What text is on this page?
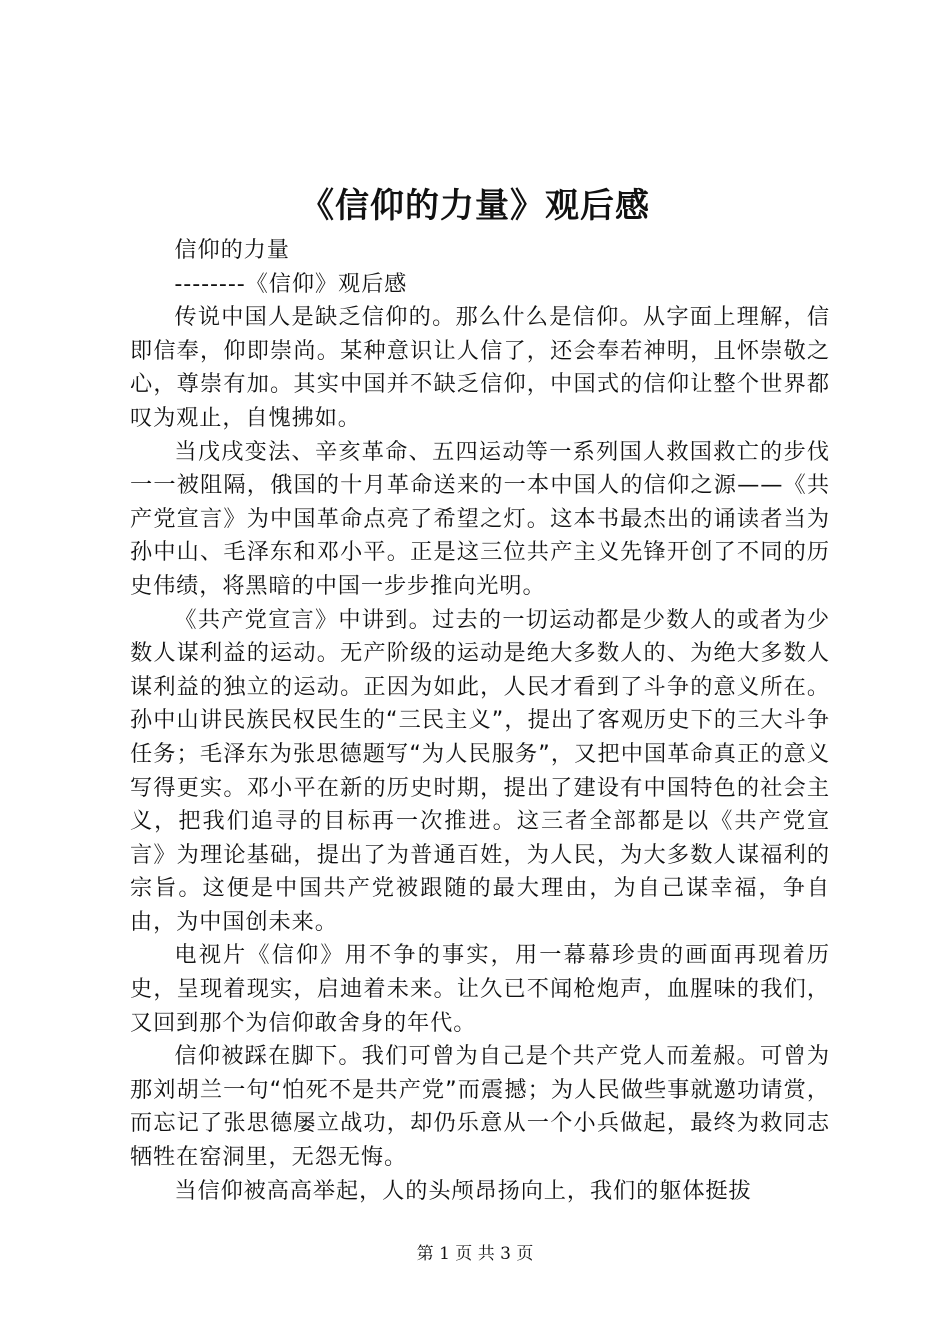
《信仰的力量》观后感

信仰的力量

--------《信仰》观后感

传说中国人是缺乏信仰的。那么什么是信仰。从字面上理解，信即信奉，仰即崇尚。某种意识让人信了，还会奉若神明，且怀崇敬之心，尊崇有加。其实中国并不缺乏信仰，中国式的信仰让整个世界都叹为观止，自愧拂如。

当戊戌变法、辛亥革命、五四运动等一系列国人救国救亡的步伐一一被阻隔，俄国的十月革命送来的一本中国人的信仰之源——《共产党宣言》为中国革命点亮了希望之灯。这本书最杰出的诵读者当为孙中山、毛泽东和邓小平。正是这三位共产主义先锋开创了不同的历史伟绩，将黑暗的中国一步步推向光明。

《共产党宣言》中讲到。过去的一切运动都是少数人的或者为少数人谋利益的运动。无产阶级的运动是绝大多数人的、为绝大多数人谋利益的独立的运动。正因为如此，人民才看到了斗争的意义所在。孙中山讲民族民权民生的“三民主义”，提出了客观历史下的三大斗争任务；毛泽东为张思德题写“为人民服务”，又把中国革命真正的意义写得更实。邓小平在新的历史时期，提出了建设有中国特色的社会主义，把我们追寻的目标再一次推进。这三者全部都是以《共产党宣言》为理论基础，提出了为普通百姓，为人民，为大多数人谋福利的宗旨。这便是中国共产党被跟随的最大理由，为自己谋幸福，争自由，为中国创未来。

电视片《信仰》用不争的事实，用一幕幕珍贵的画面再现着历史，呈现着现实，启迪着未来。让久已不闻枪炮声，血腥味的我们，又回到那个为信仰敢舍身的年代。

信仰被踩在脚下。我们可曾为自己是个共产党人而羞赧。可曾为那刘胡兰一句“怕死不是共产党”而震撼；为人民做些事就邀功请赏，而忘记了张思德屡立战功，却仍乐意从一个小兵做起，最终为救同志牺牲在窑洞里，无怨无悔。

当信仰被高高举起，人的头颅昂扬向上，我们的躯体挺拔

第 1 页 共 3 页
